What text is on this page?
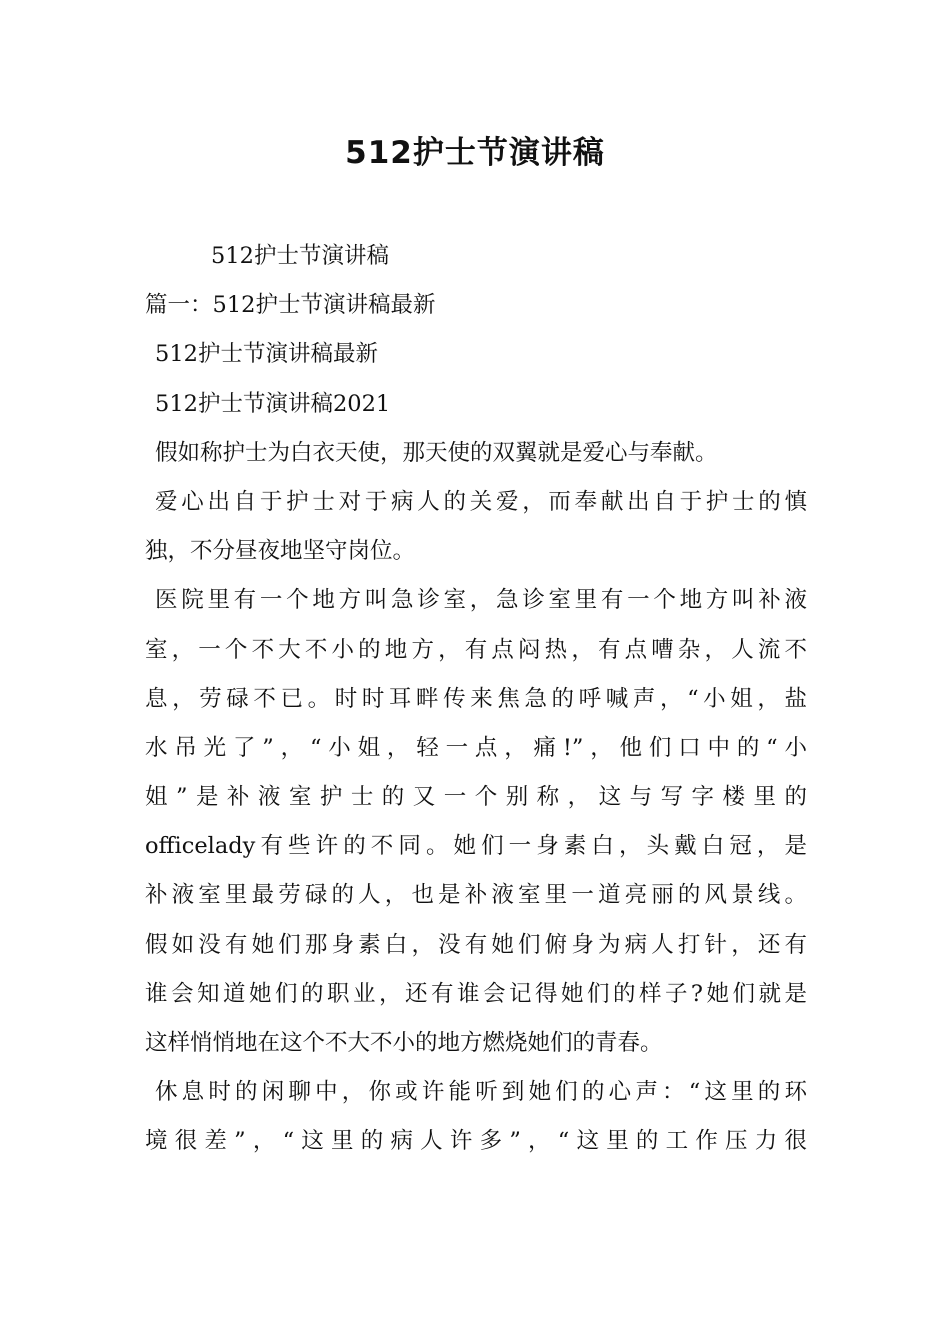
512护士节演讲稿
512护士节演讲稿
篇一：512护士节演讲稿最新
512护士节演讲稿最新
512护士节演讲稿2021
假如称护士为白衣天使，那天使的双翼就是爱心与奉献。
爱心出自于护士对于病人的关爱，而奉献出自于护士的慎
独，不分昼夜地坚守岗位。
医院里有一个地方叫急诊室，急诊室里有一个地方叫补液
室，一个不大不小的地方，有点闷热，有点嘈杂，人流不
息，劳碌不已。时时耳畔传来焦急的呼喊声，“小姐，盐
水吊光了”，“小姐，轻一点，痛!”，他们口中的“小
姐”是补液室护士的又一个别称，这与写字楼里的
officelady有些许的不同。她们一身素白，头戴白冠，是
补液室里最劳碌的人，也是补液室里一道亮丽的风景线。
假如没有她们那身素白，没有她们俯身为病人打针，还有
谁会知道她们的职业，还有谁会记得她们的样子?她们就是
这样悄悄地在这个不大不小的地方燃烧她们的青春。
休息时的闲聊中，你或许能听到她们的心声：“这里的环
境很差”，“这里的病人许多”，“这里的工作压力很
